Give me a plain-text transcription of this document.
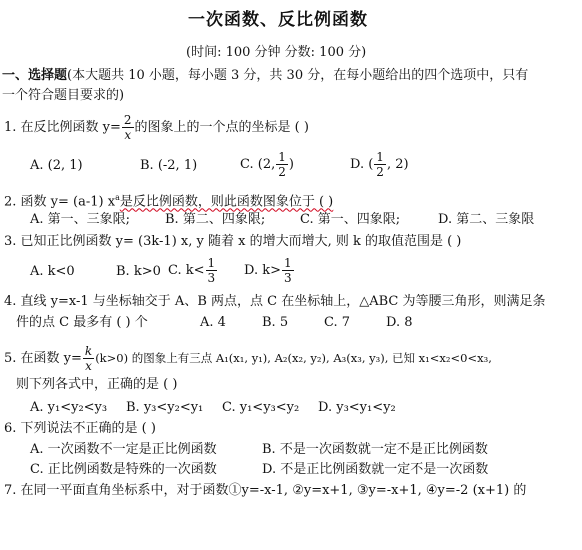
一次函数、反比例函数
(时间: 100 分钟 分数: 100 分)
一、选择题(本大题共 10 小题，每小题 3 分，共 30 分，在每小题给出的四个选项中，只有
一个符合题目要求的)
1. 在反比例函数 $y= \frac{2}{x}$ 的图象上的一个点的坐标是 ( )
A. (2, 1)	B. (-2, 1)	C. (2, $\frac{1}{2}$ )	D. ( $\frac{1}{2}$ , 2)
2. 函数 y= (a-1) $x^a$是反比例函数，则此函数图象位于 ( )
A. 第一、三象限;	B. 第二、四象限;	C. 第一、四象限;	D. 第二、三象限
3. 已知正比例函数 y= (3k-1) x, y 随着 x 的增大而增大, 则 k 的取值范围是 ( )
A. k<0	B. k>0 C. $k< \frac{1}{3} D$. $k> \frac{1}{3}$
4. 直线 y=x-1 与坐标轴交于 A、B 两点，点 C 在坐标轴上，△ABC 为等腰三角形，则满足条
件的点 C 最多有 ( ) 个	A. 4	B. 5	C. 7	D. 8
5. 在函数 $y= \frac{k}{x} (k>0)$ 的图象上有三点 A₁(x₁, y₁), A₂(x₂, y₂), A₃(x₃, y₃), 已知 x₁<x₂<0<x₃,
则下列各式中，正确的是 ( )
A. y₁<y₂<y₃ B. y₃<y₂<y₁ C. y₁<y₃<y₂ D. y₃<y₁<y₂
6. 下列说法不正确的是 ( )
A. 一次函数不一定是正比例函数	B. 不是一次函数就一定不是正比例函数
C. 正比例函数是特殊的一次函数	D. 不是正比例函数就一定不是一次函数
7. 在同一平面直角坐标系中，对于函数①y=-x-1, ②y=x+1, ③y=-x+1, ④y=-2 (x+1) 的
